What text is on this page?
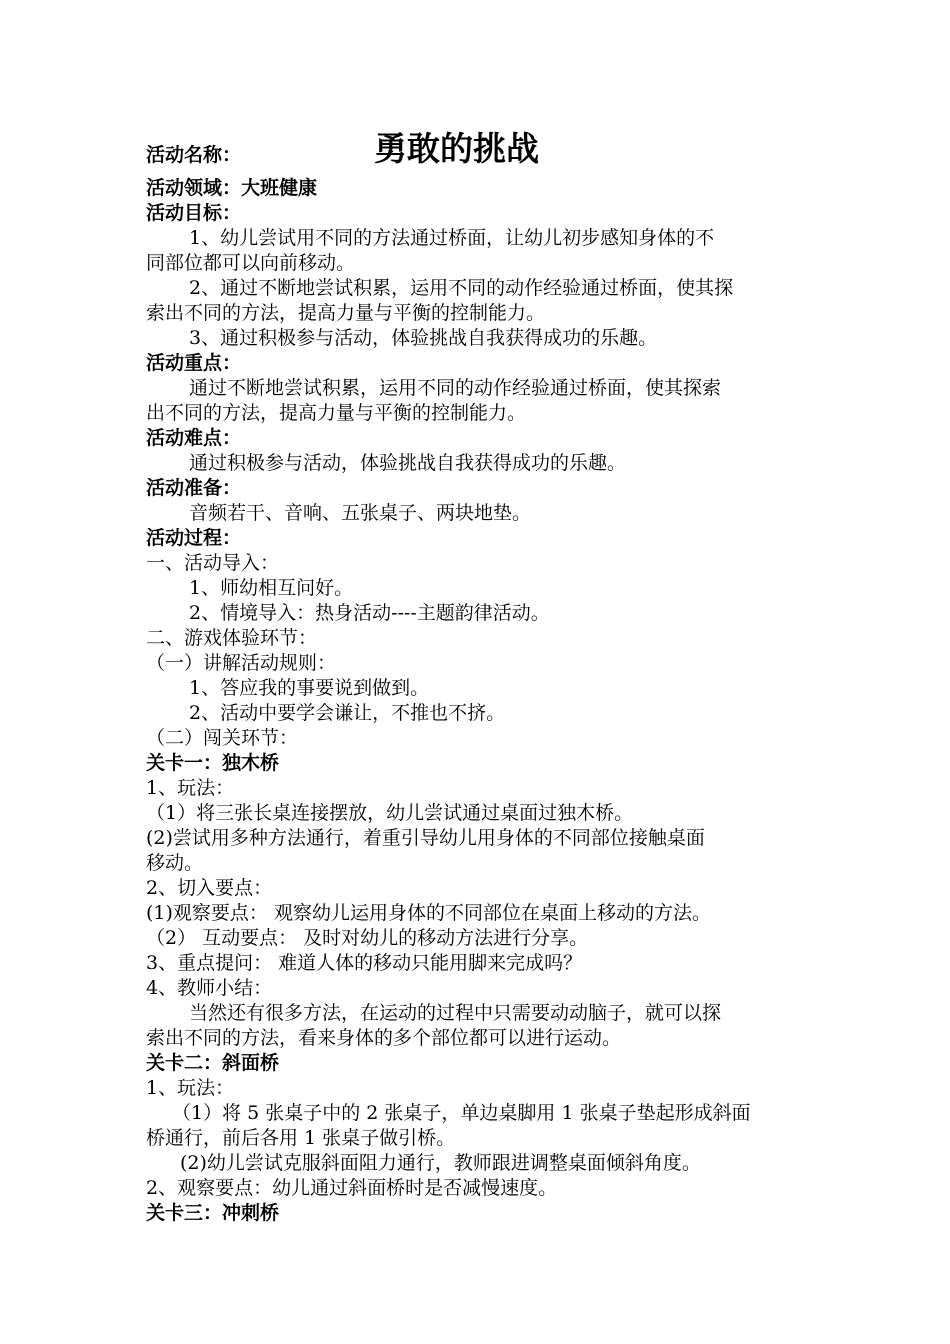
活动名称：	勇敢的挑战
活动领域：大班健康
活动目标：
1、幼儿尝试用不同的方法通过桥面，让幼儿初步感知身体的不
同部位都可以向前移动。
2、通过不断地尝试积累，运用不同的动作经验通过桥面，使其探
索出不同的方法，提高力量与平衡的控制能力。
3、通过积极参与活动，体验挑战自我获得成功的乐趣。
活动重点：
通过不断地尝试积累，运用不同的动作经验通过桥面，使其探索
出不同的方法，提高力量与平衡的控制能力。
活动难点：
通过积极参与活动，体验挑战自我获得成功的乐趣。
活动准备：
音频若干、音响、五张桌子、两块地垫。
活动过程：
一、活动导入：
1、师幼相互问好。
2、情境导入：热身活动----主题韵律活动。
二、游戏体验环节：
（一）讲解活动规则：
1、答应我的事要说到做到。
2、活动中要学会谦让，不推也不挤。
（二）闯关环节：
关卡一：独木桥
1、玩法：
（1）将三张长桌连接摆放，幼儿尝试通过桌面过独木桥。
(2)尝试用多种方法通行，着重引导幼儿用身体的不同部位接触桌面
移动。
2、切入要点：
(1)观察要点： 观察幼儿运用身体的不同部位在桌面上移动的方法。
（2） 互动要点： 及时对幼儿的移动方法进行分享。
3、重点提问： 难道人体的移动只能用脚来完成吗？
4、教师小结：
当然还有很多方法，在运动的过程中只需要动动脑子，就可以探
索出不同的方法，看来身体的多个部位都可以进行运动。
关卡二：斜面桥
1、玩法：
（1）将 5 张桌子中的 2 张桌子，单边桌脚用 1 张桌子垫起形成斜面
桥通行，前后各用 1 张桌子做引桥。
(2)幼儿尝试克服斜面阻力通行，教师跟进调整桌面倾斜角度。
2、观察要点：幼儿通过斜面桥时是否减慢速度。
关卡三：冲刺桥
